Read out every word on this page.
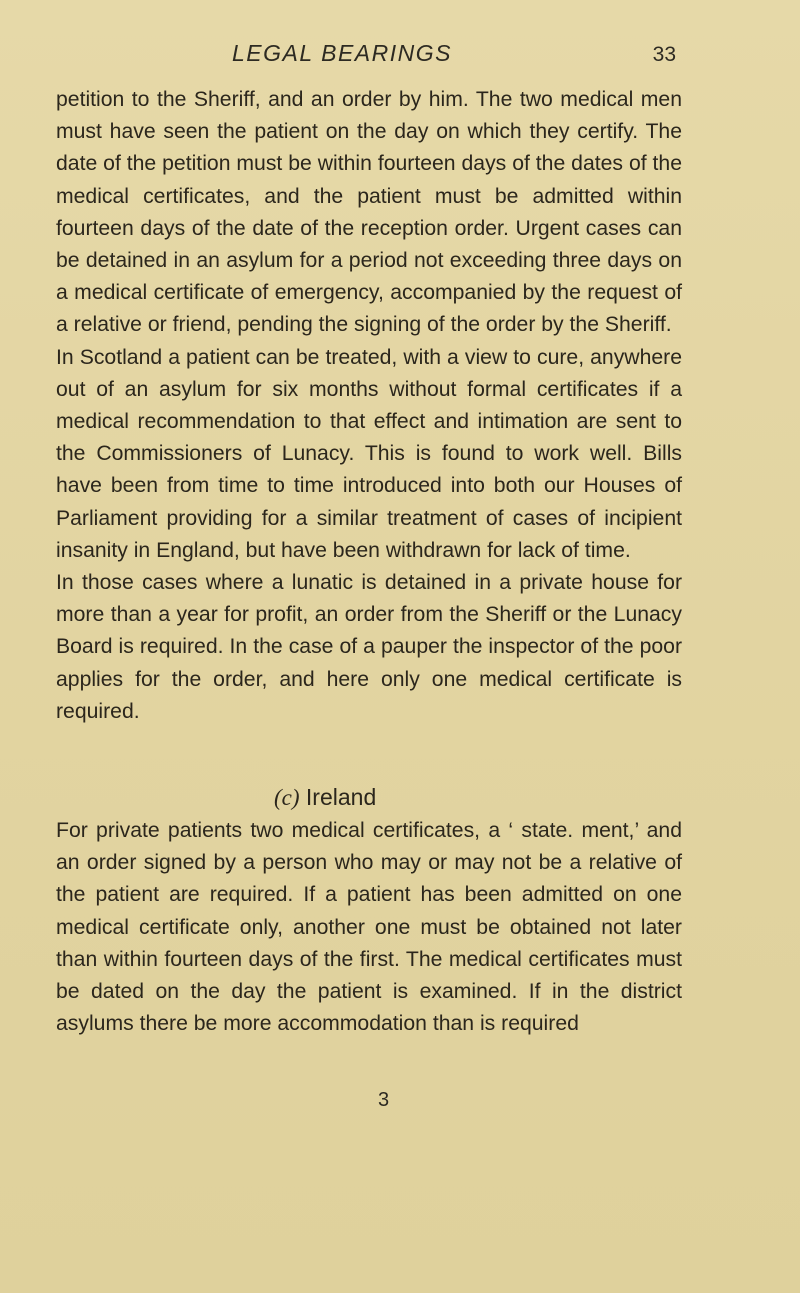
LEGAL BEARINGS	33

petition to the Sheriff, and an order by him. The two medical men must have seen the patient on the day on which they certify. The date of the petition must be within fourteen days of the dates of the medical certificates, and the patient must be admitted within fourteen days of the date of the reception order. Urgent cases can be detained in an asylum for a period not exceeding three days on a medical certificate of emergency, accompanied by the request of a relative or friend, pending the signing of the order by the Sheriff.

In Scotland a patient can be treated, with a view to cure, anywhere out of an asylum for six months without formal certificates if a medical recommendation to that effect and intimation are sent to the Commissioners of Lunacy. This is found to work well. Bills have been from time to time introduced into both our Houses of Parliament providing for a similar treatment of cases of incipient insanity in England, but have been withdrawn for lack of time.

In those cases where a lunatic is detained in a private house for more than a year for profit, an order from the Sheriff or the Lunacy Board is required. In the case of a pauper the inspector of the poor applies for the order, and here only one medical certificate is required.

(c) Ireland

For private patients two medical certificates, a ‘ state. ment,’ and an order signed by a person who may or may not be a relative of the patient are required. If a patient has been admitted on one medical certificate only, another one must be obtained not later than within fourteen days of the first. The medical certificates must be dated on the day the patient is examined. If in the district asylums there be more accommodation than is required

3
